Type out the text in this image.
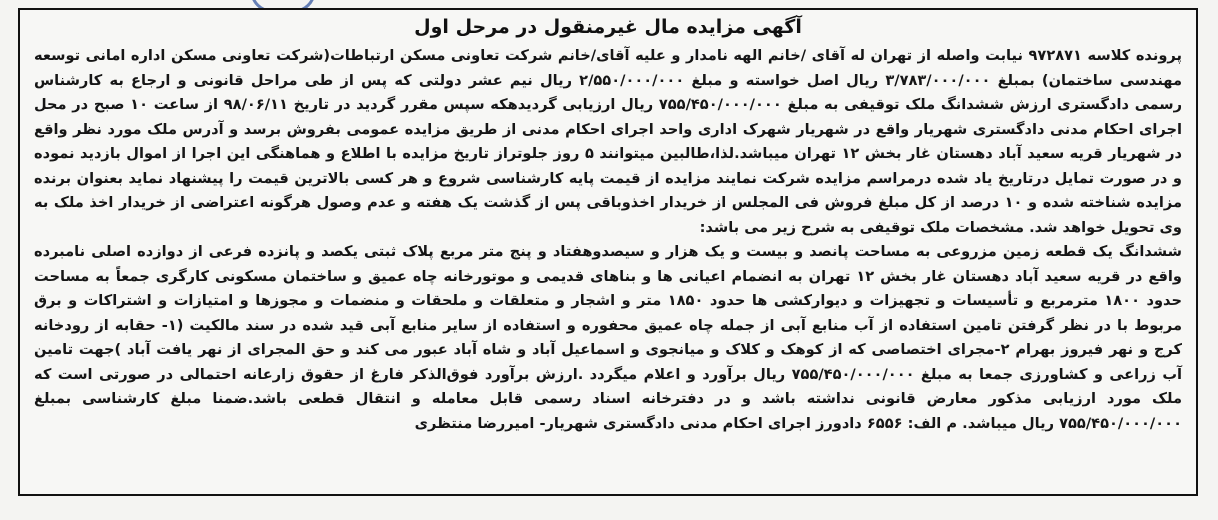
آگهی مزایده مال غیرمنقول در مرحل اول

پرونده کلاسه ۹۷۲۸۷۱ نیابت واصله از تهران له آقای /خانم الهه نامدار و علیه آقای/خانم شرکت تعاونی مسکن ارتباطات(شرکت تعاونی مسکن اداره امانی توسعه مهندسی ساختمان) بمبلغ ۳/۷۸۳/۰۰۰/۰۰۰ ریال اصل خواسته و مبلغ ۲/۵۵۰/۰۰۰/۰۰۰ ریال نیم عشر دولتی که پس از طی مراحل قانونی و ارجاع به کارشناس رسمی دادگستری ارزش ششدانگ ملک توقیفی به مبلغ ۷۵۵/۴۵۰/۰۰۰/۰۰۰ ریال ارزیابی گردیدهکه سپس مقرر گردید در تاریخ ۹۸/۰۶/۱۱ از ساعت ۱۰ صبح در محل اجرای احکام مدنی دادگستری شهریار واقع در شهریار شهرک اداری واحد اجرای احکام مدنی از طریق مزایده عمومی بفروش برسد و آدرس ملک مورد نظر واقع در شهریار قریه سعید آباد دهستان غار بخش ۱۲ تهران میباشد.لذا،طالبین میتوانند ۵ روز جلوتراز تاریخ مزایده با اطلاع و هماهنگی این اجرا از اموال بازدید نموده و در صورت تمایل درتاریخ یاد شده درمراسم مزایده شرکت نمایند مزایده از قیمت پایه کارشناسی شروع و هر کسی بالاترین قیمت را پیشنهاد نماید بعنوان برنده مزایده شناخته شده و ۱۰ درصد از کل مبلغ فروش فی المجلس از خریدار اخذوباقی پس از گذشت یک هفته و عدم وصول هرگونه اعتراضی از خریدار اخذ ملک به وی تحویل خواهد شد. مشخصات ملک توقیفی به شرح زیر می باشد:

ششدانگ یک قطعه زمین مزروعی به مساحت پانصد و بیست و یک هزار و سیصدوهفتاد و پنج متر مربع پلاک ثبتی یکصد و پانزده فرعی از دوازده اصلی نامبرده واقع در قریه سعید آباد دهستان غار بخش ۱۲ تهران به انضمام اعیانی ها و بناهای قدیمی و موتورخانه چاه عمیق و ساختمان مسکونی کارگری جمعاً به مساحت حدود ۱۸۰۰ مترمربع و تأسیسات و تجهیزات و دیوارکشی ها حدود ۱۸۵۰ متر و اشجار و متعلقات و ملحقات و منضمات و مجوزها و امتیازات و اشتراکات و برق مربوط با در نظر گرفتن تامین استفاده از آب منابع آبی از جمله چاه عمیق محفوره و استفاده از سایر منابع آبی قید شده در سند مالکیت (۱- حقابه از رودخانه کرج و نهر فیروز بهرام ۲-مجرای اختصاصی که از کوهک و کلاک و میانجوی و اسماعیل آباد و شاه آباد عبور می کند و حق المجرای از نهر یافت آباد )جهت تامین آب زراعی و کشاورزی جمعا به مبلغ ۷۵۵/۴۵۰/۰۰۰/۰۰۰ ریال برآورد و اعلام میگردد .ارزش برآورد فوق‌الذکر فارغ از حقوق زارعانه احتمالی در صورتی است که ملک مورد ارزیابی مذکور معارض قانونی نداشته باشد و در دفترخانه اسناد رسمی قابل معامله و انتقال قطعی باشد.ضمنا مبلغ کارشناسی بمبلغ ۷۵۵/۴۵۰/۰۰۰/۰۰۰ ریال میباشد. م الف: ۶۵۵۶ دادورز اجرای احکام مدنی دادگستری شهریار- امیررضا منتظری
